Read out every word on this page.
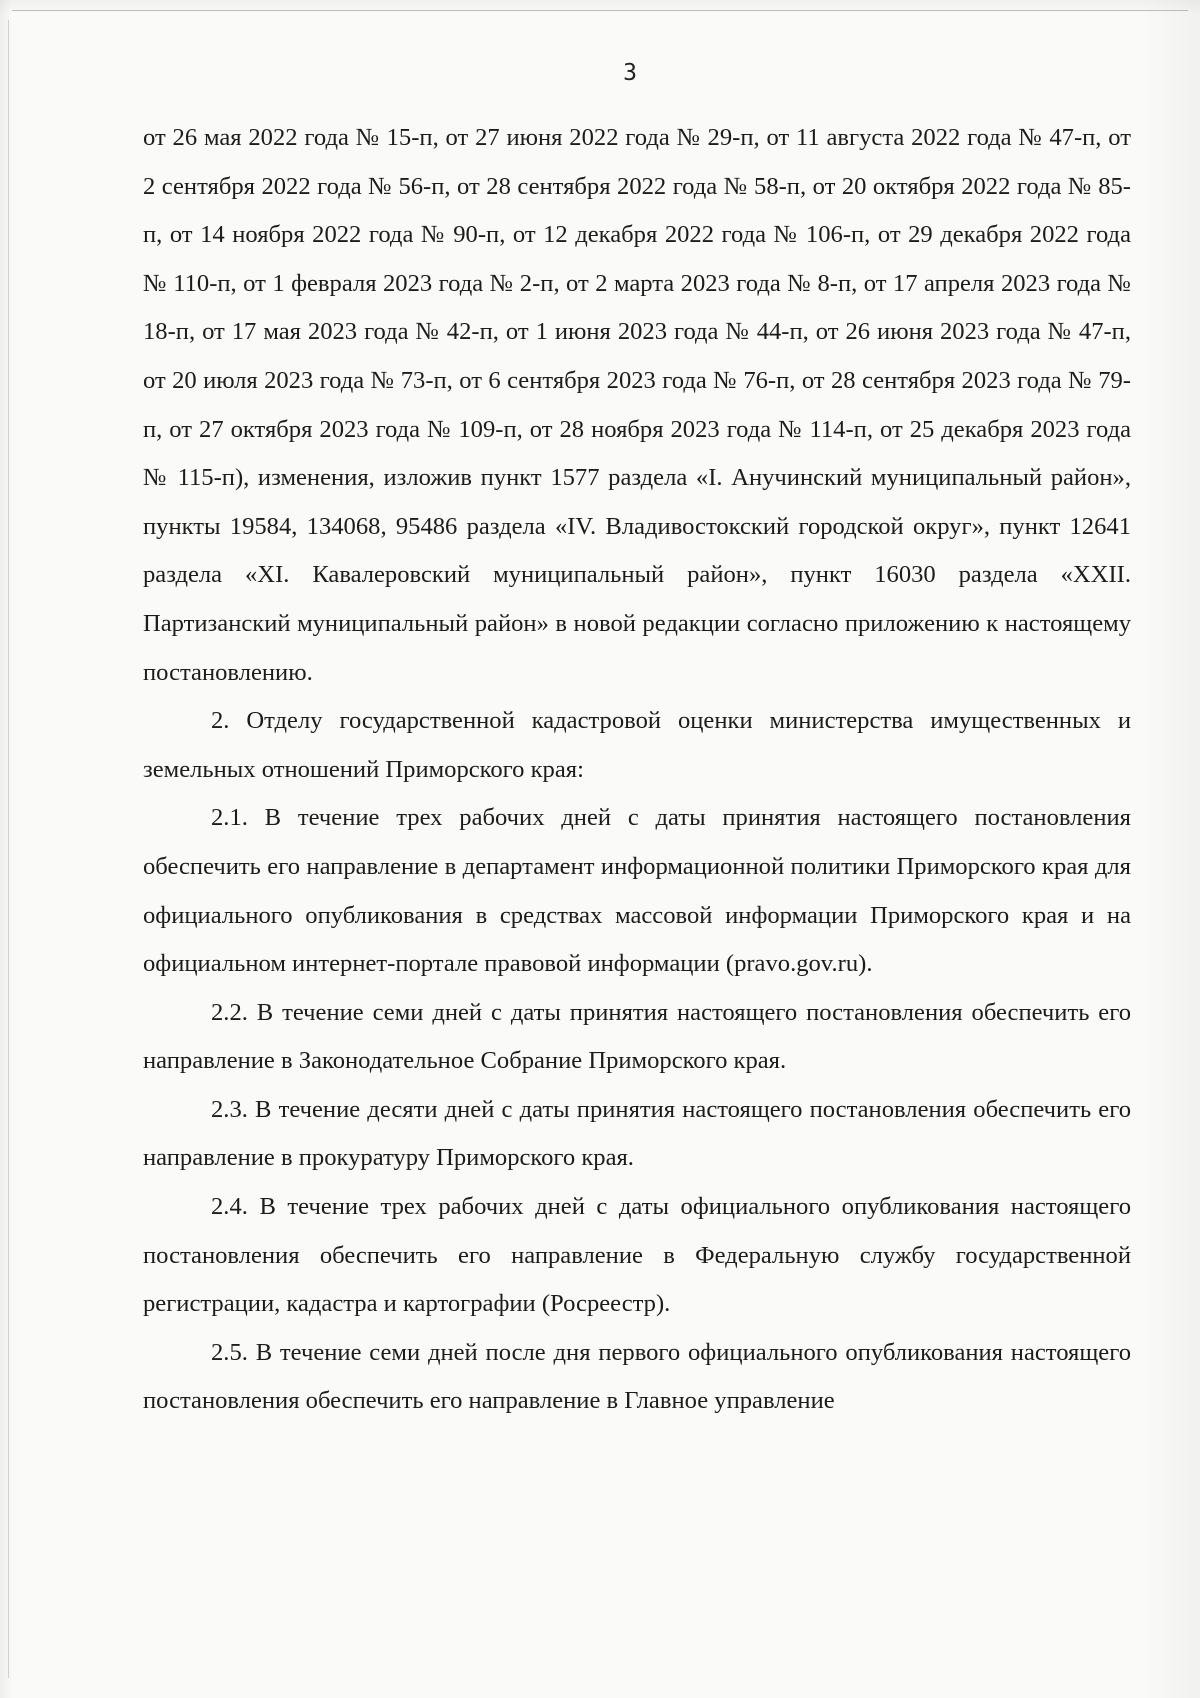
3

от 26 мая 2022 года № 15-п, от 27 июня 2022 года № 29-п, от 11 августа 2022 года № 47-п, от 2 сентября 2022 года № 56-п, от 28 сентября 2022 года № 58-п, от 20 октября 2022 года № 85-п, от 14 ноября 2022 года № 90-п, от 12 декабря 2022 года № 106-п, от 29 декабря 2022 года № 110-п, от 1 февраля 2023 года № 2-п, от 2 марта 2023 года № 8-п, от 17 апреля 2023 года № 18-п, от 17 мая 2023 года № 42-п, от 1 июня 2023 года № 44-п, от 26 июня 2023 года № 47-п, от 20 июля 2023 года № 73-п, от 6 сентября 2023 года № 76-п, от 28 сентября 2023 года № 79-п, от 27 октября 2023 года № 109-п, от 28 ноября 2023 года № 114-п, от 25 декабря 2023 года № 115-п), изменения, изложив пункт 1577 раздела «I. Анучинский муниципальный район», пункты 19584, 134068, 95486 раздела «IV. Владивостокский городской округ», пункт 12641 раздела «XI. Кавалеровский муниципальный район», пункт 16030 раздела «XXII. Партизанский муниципальный район» в новой редакции согласно приложению к настоящему постановлению.

2. Отделу государственной кадастровой оценки министерства имущественных и земельных отношений Приморского края:

2.1. В течение трех рабочих дней с даты принятия настоящего постановления обеспечить его направление в департамент информационной политики Приморского края для официального опубликования в средствах массовой информации Приморского края и на официальном интернет-портале правовой информации (pravo.gov.ru).

2.2. В течение семи дней с даты принятия настоящего постановления обеспечить его направление в Законодательное Собрание Приморского края.

2.3. В течение десяти дней с даты принятия настоящего постановления обеспечить его направление в прокуратуру Приморского края.

2.4. В течение трех рабочих дней с даты официального опубликования настоящего постановления обеспечить его направление в Федеральную службу государственной регистрации, кадастра и картографии (Росреестр).

2.5. В течение семи дней после дня первого официального опубликования настоящего постановления обеспечить его направление в Главное управление
